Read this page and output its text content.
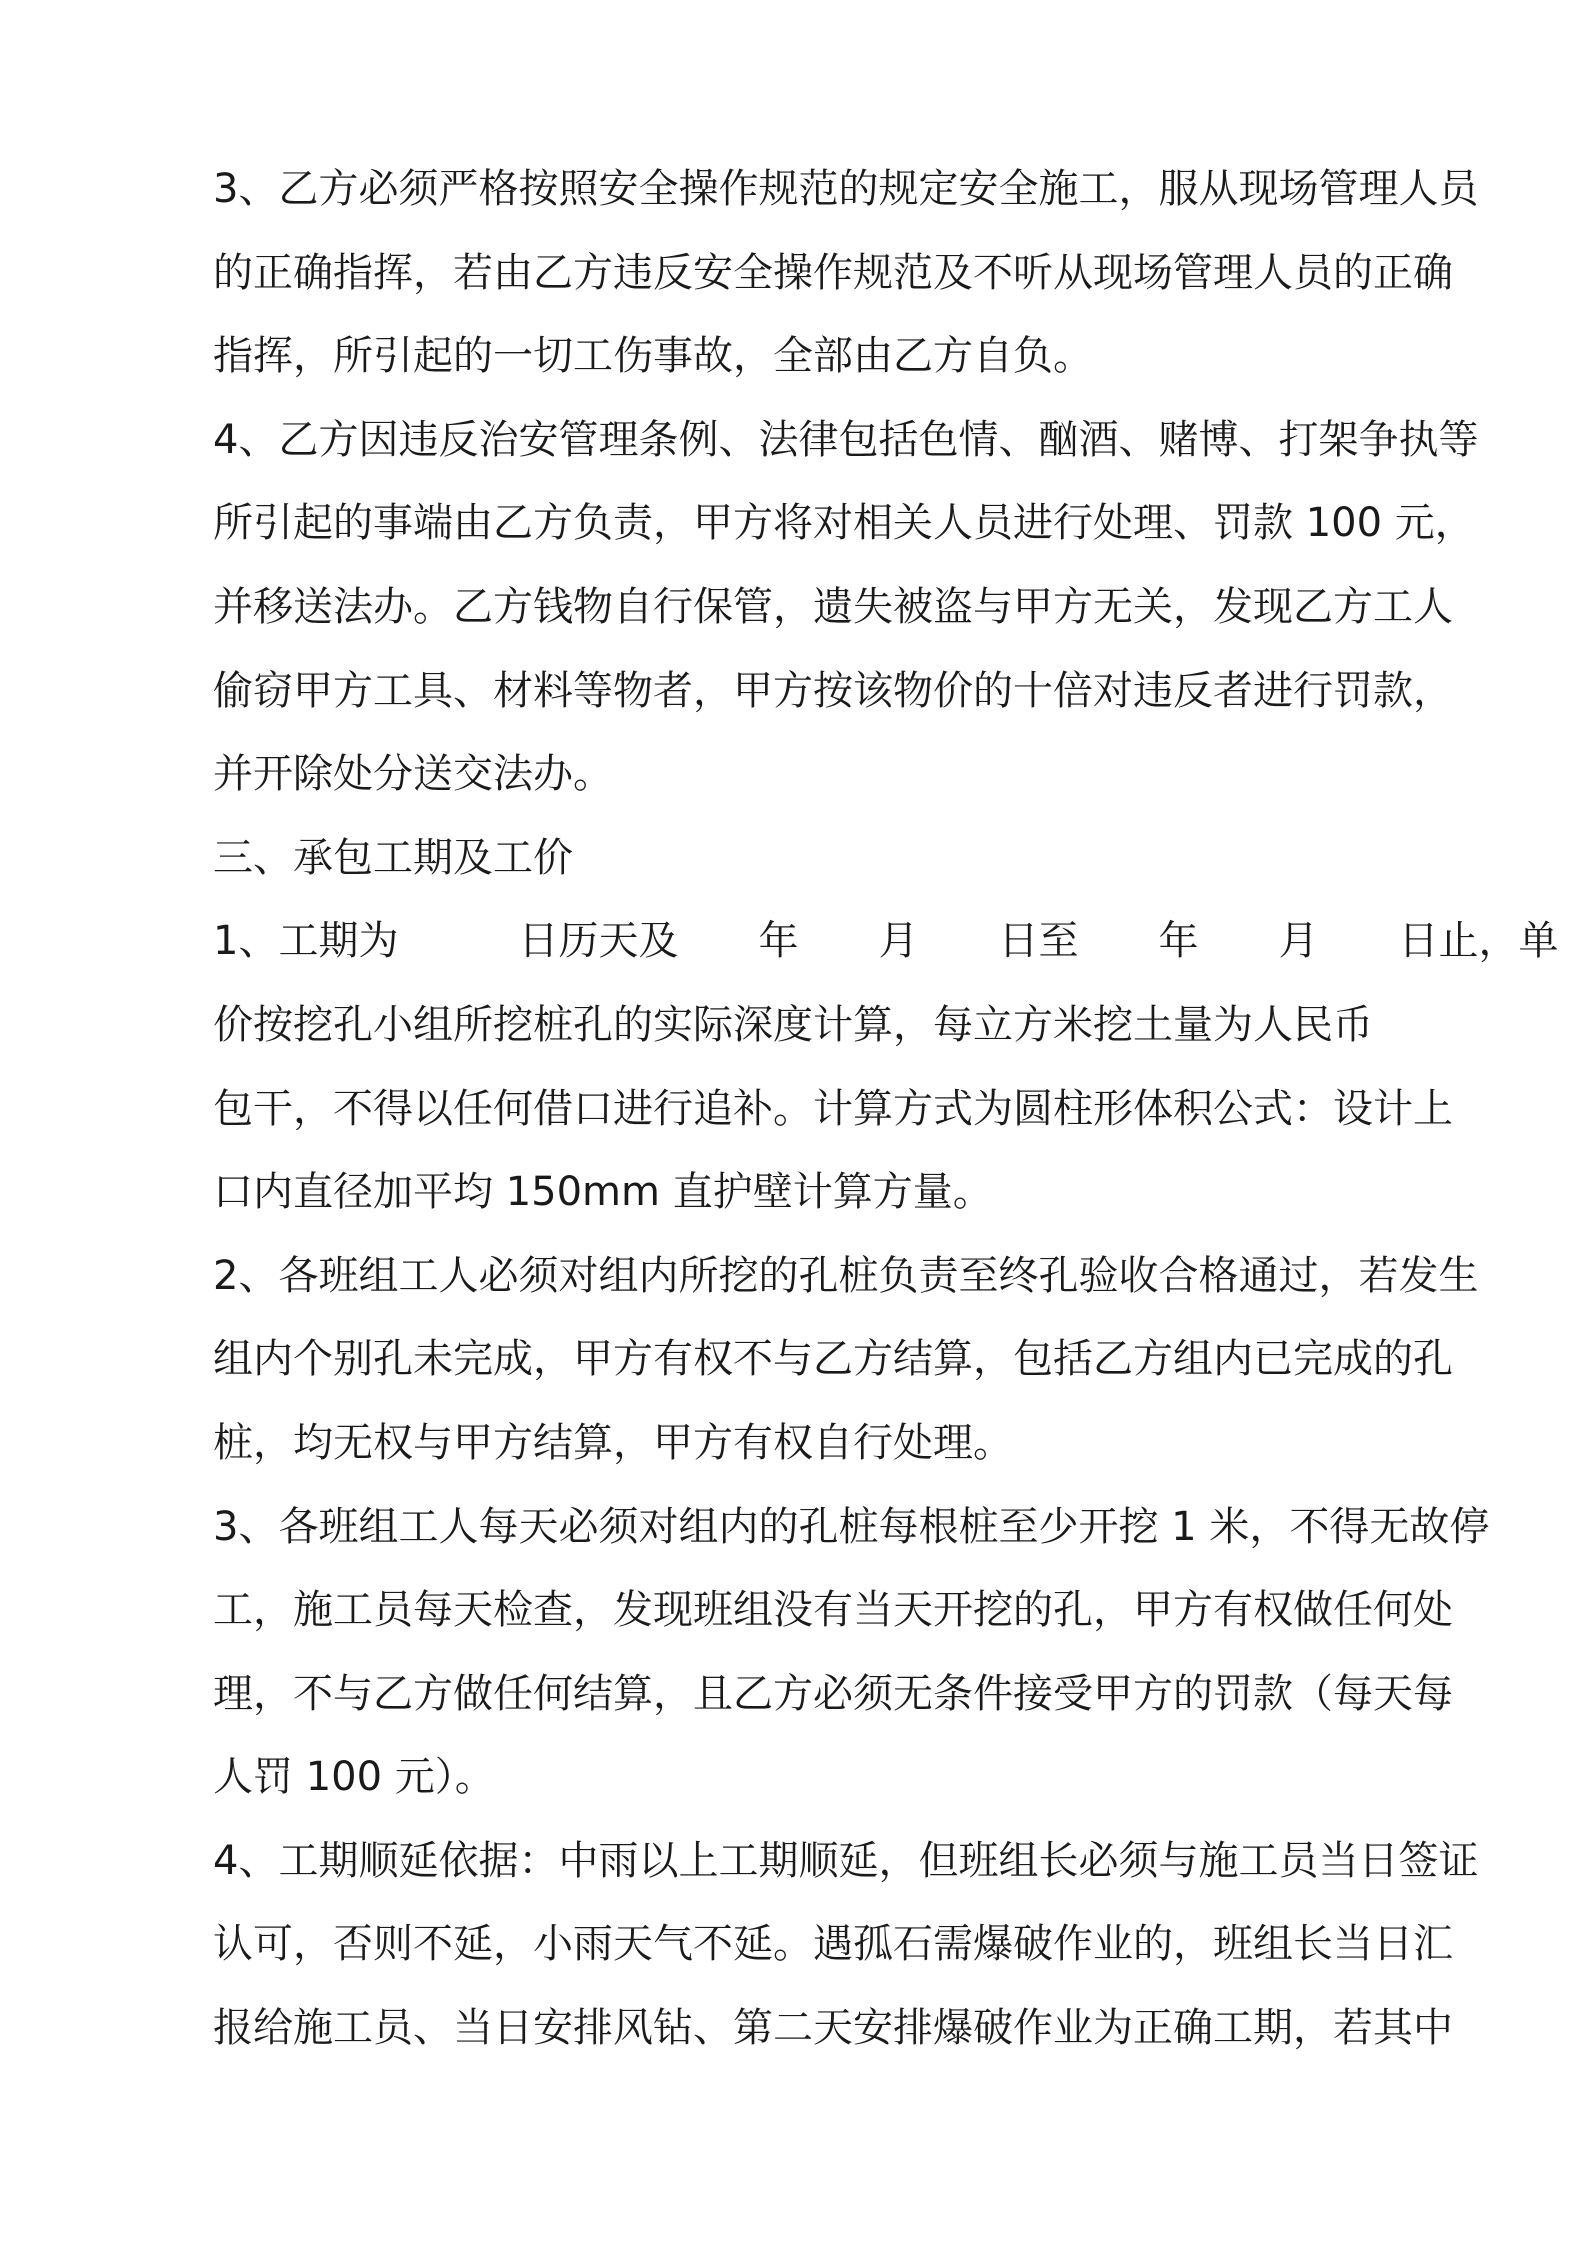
3、乙方必须严格按照安全操作规范的规定安全施工，服从现场管理人员
的正确指挥，若由乙方违反安全操作规范及不听从现场管理人员的正确
指挥，所引起的一切工伤事故，全部由乙方自负。
4、乙方因违反治安管理条例、法律包括色情、酗酒、赌博、打架争执等
所引起的事端由乙方负责，甲方将对相关人员进行处理、罚款 100 元，
并移送法办。乙方钱物自行保管，遗失被盗与甲方无关，发现乙方工人
偷窃甲方工具、材料等物者，甲方按该物价的十倍对违反者进行罚款，
并开除处分送交法办。
三、承包工期及工价
1、工期为　　　日历天及　　年　　月　　日至　　年　　月　　日止，单
价按挖孔小组所挖桩孔的实际深度计算，每立方米挖土量为人民币
包干，不得以任何借口进行追补。计算方式为圆柱形体积公式：设计上
口内直径加平均 150mm 直护壁计算方量。
2、各班组工人必须对组内所挖的孔桩负责至终孔验收合格通过，若发生
组内个别孔未完成，甲方有权不与乙方结算，包括乙方组内已完成的孔
桩，均无权与甲方结算，甲方有权自行处理。
3、各班组工人每天必须对组内的孔桩每根桩至少开挖 1 米，不得无故停
工，施工员每天检查，发现班组没有当天开挖的孔，甲方有权做任何处
理，不与乙方做任何结算，且乙方必须无条件接受甲方的罚款（每天每
人罚 100 元）。
4、工期顺延依据：中雨以上工期顺延，但班组长必须与施工员当日签证
认可，否则不延，小雨天气不延。遇孤石需爆破作业的，班组长当日汇
报给施工员、当日安排风钻、第二天安排爆破作业为正确工期，若其中
